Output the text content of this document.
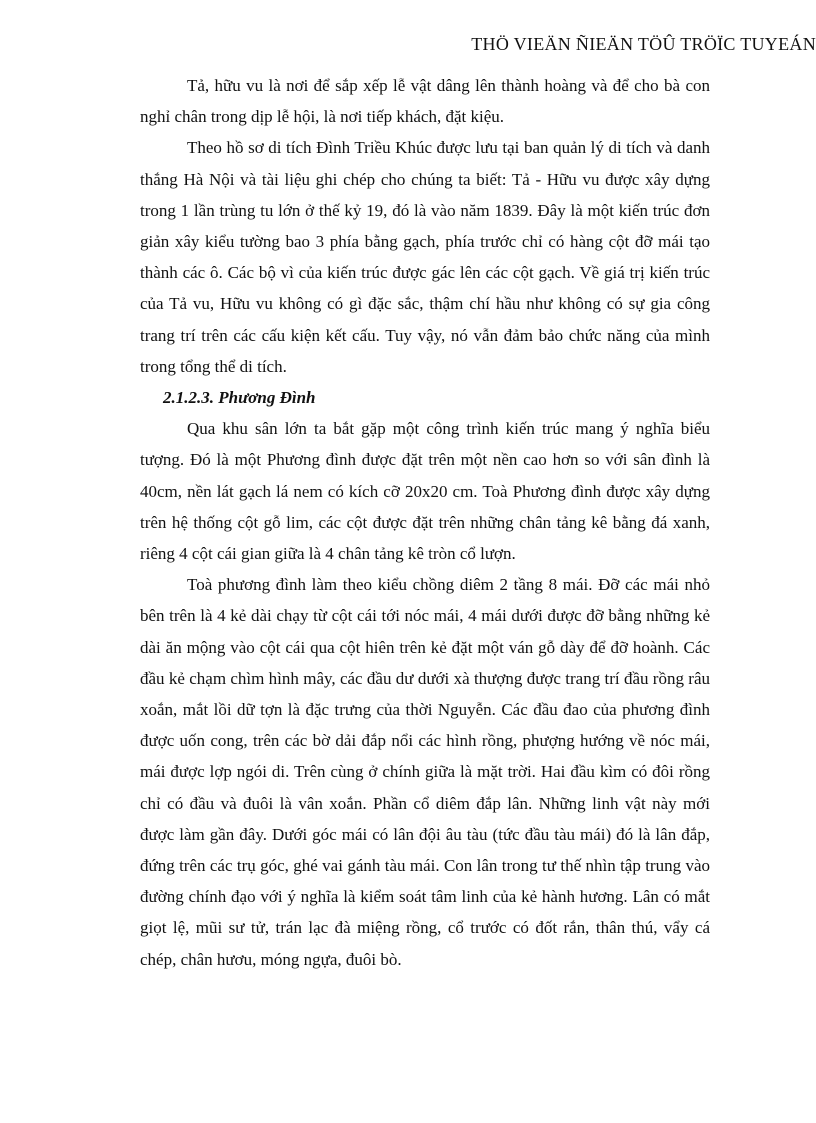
THÖ VIEÄN ÑIEÄN TÖÛ TRÖÏC TUYEÁN

Tả, hữu vu là nơi để sắp xếp lễ vật dâng lên thành hoàng và để cho bà con nghỉ chân trong dịp lễ hội, là nơi tiếp khách, đặt kiệu.

Theo hồ sơ di tích Đình Triều Khúc được lưu tại ban quản lý di tích và danh thắng Hà Nội và tài liệu ghi chép cho chúng ta biết: Tả - Hữu vu được xây dựng trong 1 lần trùng tu lớn ở thế kỷ 19, đó là vào năm 1839. Đây là một kiến trúc đơn giản xây kiểu tường bao 3 phía bằng gạch, phía trước chỉ có hàng cột đỡ mái tạo thành các ô. Các bộ vì của kiến trúc được gác lên các cột gạch. Về giá trị kiến trúc của Tả vu, Hữu vu không có gì đặc sắc, thậm chí hầu như không có sự gia công trang trí trên các cấu kiện kết cấu. Tuy vậy, nó vẫn đảm bảo chức năng của mình trong tổng thể di tích.

2.1.2.3. Phương Đình

Qua khu sân lớn ta bắt gặp một công trình kiến trúc mang ý nghĩa biểu tượng. Đó là một Phương đình được đặt trên một nền cao hơn so với sân đình là 40cm, nền lát gạch lá nem có kích cỡ 20x20 cm. Toà Phương đình được xây dựng trên hệ thống cột gỗ lim, các cột được đặt trên những chân tảng kê bằng đá xanh, riêng 4 cột cái gian giữa là 4 chân tảng kê tròn cổ lượn.

Toà phương đình làm theo kiểu chồng diêm 2 tầng 8 mái. Đỡ các mái nhỏ bên trên là 4 kẻ dài chạy từ cột cái tới nóc mái, 4 mái dưới được đỡ bằng những kẻ dài ăn mộng vào cột cái qua cột hiên trên kẻ đặt một ván gỗ dày để đỡ hoành. Các đầu kẻ chạm chìm hình mây, các đầu dư dưới xà thượng được trang trí đầu rồng râu xoắn, mắt lồi dữ tợn là đặc trưng của thời Nguyễn. Các đầu đao của phương đình được uốn cong, trên các bờ dải đắp nổi các hình rồng, phượng hướng về nóc mái, mái được lợp ngói di. Trên cùng ở chính giữa là mặt trời. Hai đầu kìm có đôi rồng chỉ có đầu và đuôi là vân xoắn. Phần cổ diêm đắp lân. Những linh vật này mới được làm gần đây. Dưới góc mái có lân đội âu tàu (tức đầu tàu mái) đó là lân đắp, đứng trên các trụ góc, ghé vai gánh tàu mái. Con lân trong tư thế nhìn tập trung vào đường chính đạo với ý nghĩa là kiểm soát tâm linh của kẻ hành hương. Lân có mắt giọt lệ, mũi sư tử, trán lạc đà miệng rồng, cổ trước có đốt rắn, thân thú, vẩy cá chép, chân hươu, móng ngựa, đuôi bò.
